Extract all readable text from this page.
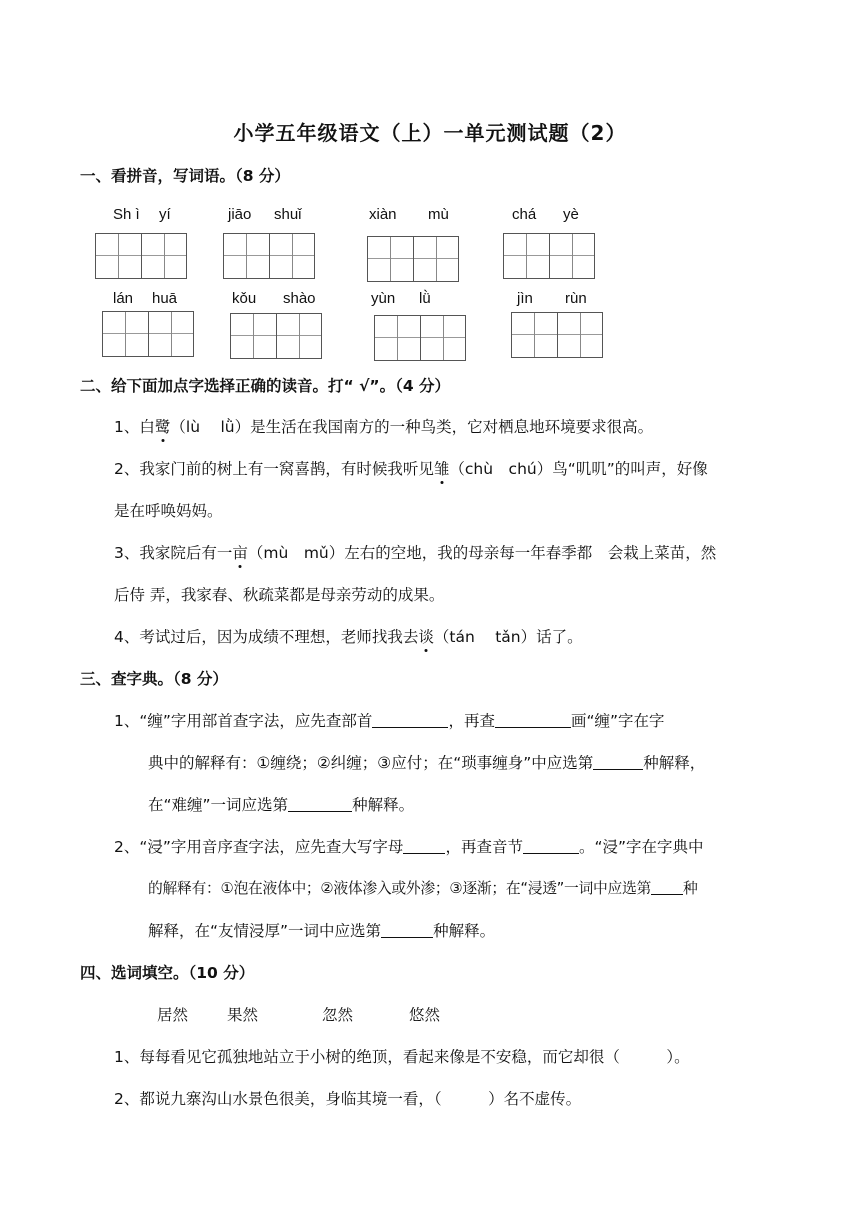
小学五年级语文（上）一单元测试题（2）
一、看拼音，写词语。（8 分）
Sh ì yí	jiāo shuǐ	xiàn mù	chá yè
lán huā	kǒu shào	yùn lǜ	jìn rùn
二、给下面加点字选择正确的读音。打“ √”。（4 分）
1、白鹭（lù　 lǜ）是生活在我国南方的一种鸟类，它对栖息地环境要求很高。
2、我家门前的树上有一窝喜鹊，有时候我听见雏（chù　chú）鸟“叽叽”的叫声，好像
是在呼唤妈妈。
3、我家院后有一亩（mù　mǔ）左右的空地，我的母亲每一年春季都　会栽上菜苗，然
后侍 弄，我家春、秋疏菜都是母亲劳动的成果。
4、考试过后，因为成绩不理想，老师找我去谈（tán　 tǎn）话了。
三、查字典。（8 分）
1、“缠”字用部首查字法，应先查部首	，再查	画“缠”字在字
典中的解释有：①缠绕；②纠缠；③应付；在“琐事缠身”中应选第	种解释，
在“难缠”一词应选第	种解释。
2、“浸”字用音序查字法，应先查大写字母	，再查音节	。“浸”字在字典中
的解释有：①泡在液体中；②液体渗入或外渗；③逐渐；在“浸透”一词中应选第 种
解释，在“友情浸厚”一词中应选第	种解释。
四、选词填空。（10 分）
居然	果然	忽然	悠然
1、每每看见它孤独地站立于小树的绝顶，看起来像是不安稳，而它却很（　　　）。
2、都说九寨沟山水景色很美，身临其境一看，（　　　）名不虚传。
